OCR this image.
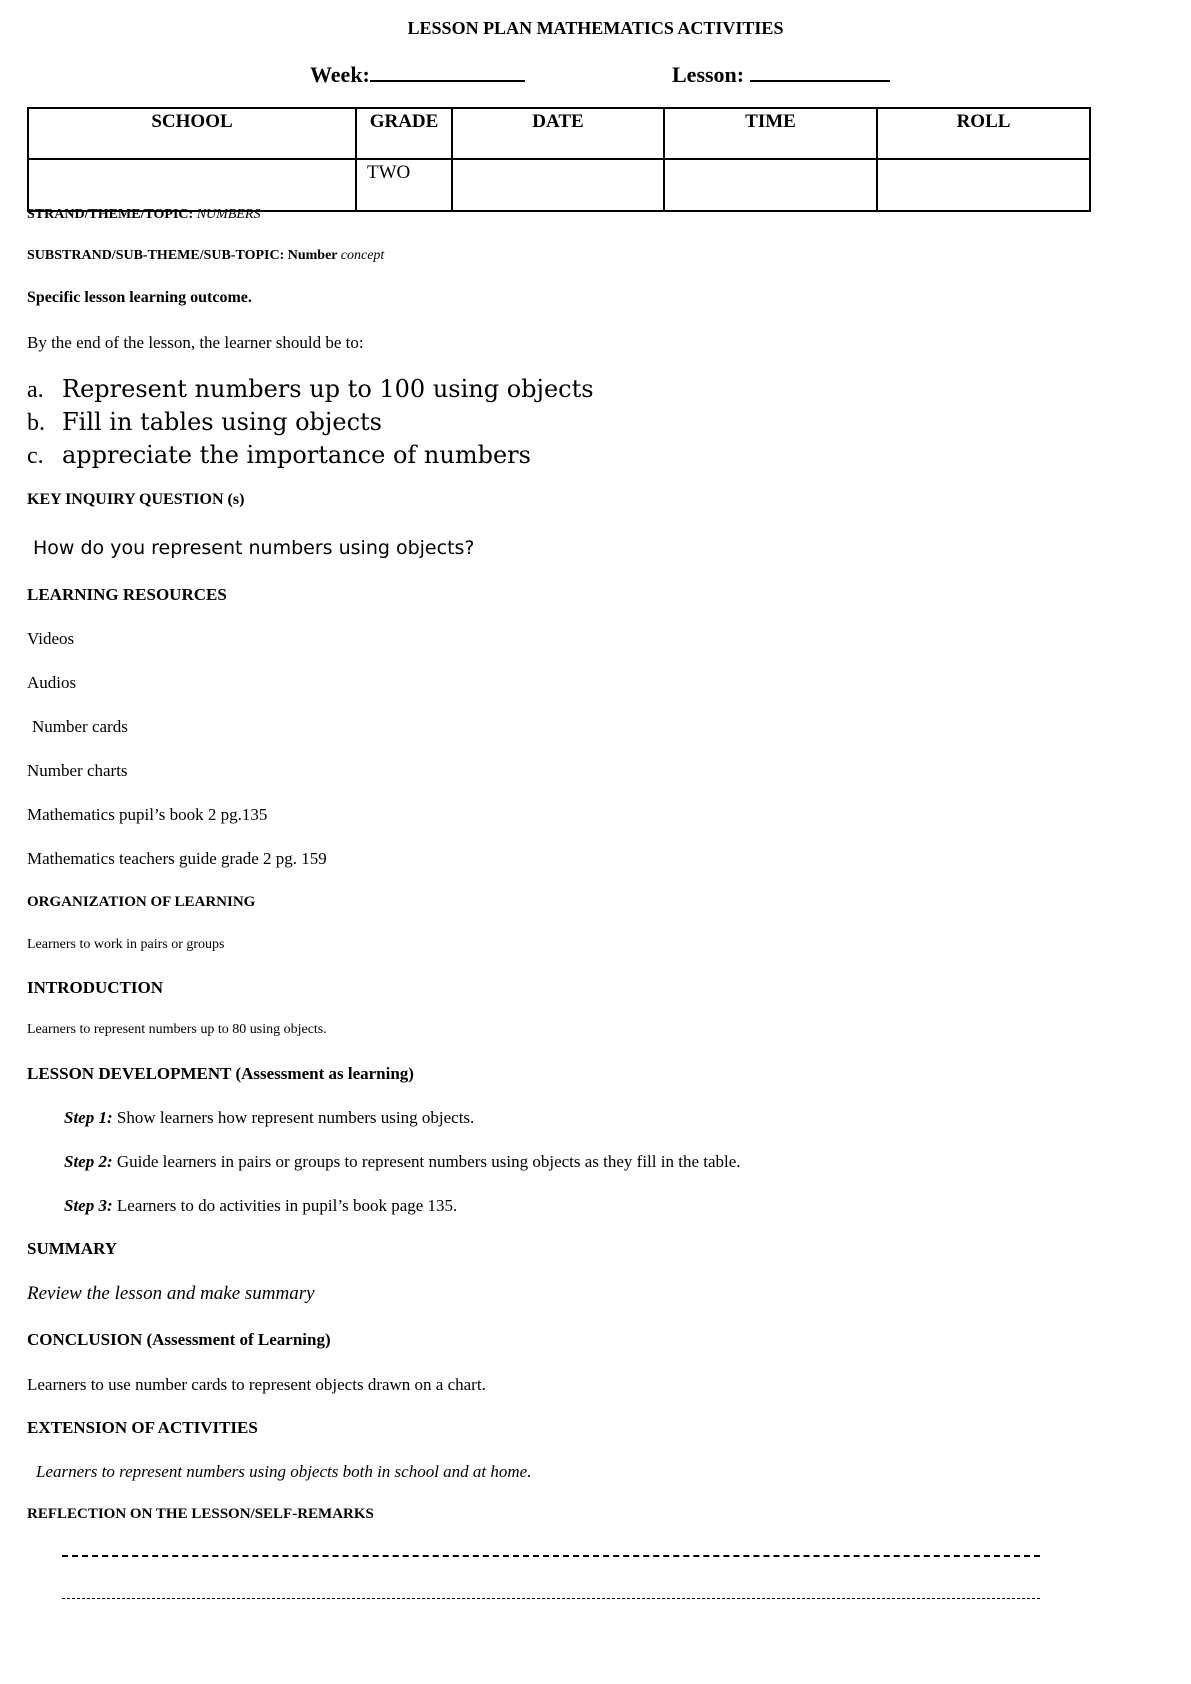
LESSON PLAN MATHEMATICS ACTIVITIES
Week:	Lesson:
SCHOOL	GRADE	DATE	TIME	ROLL
	TWO			
STRAND/THEME/TOPIC: NUMBERS
SUBSTRAND/SUB-THEME/SUB-TOPIC: Number concept
Specific lesson learning outcome.
By the end of the lesson, the learner should be to:
a. Represent numbers up to 100 using objects
b. Fill in tables using objects
c. appreciate the importance of numbers
KEY INQUIRY QUESTION (s)
How do you represent numbers using objects?
LEARNING RESOURCES
Videos
Audios
Number cards
Number charts
Mathematics pupil’s book 2 pg.135
Mathematics teachers guide grade 2 pg. 159
ORGANIZATION OF LEARNING
Learners to work in pairs or groups
INTRODUCTION
Learners to represent numbers up to 80 using objects.
LESSON DEVELOPMENT (Assessment as learning)
Step 1: Show learners how represent numbers using objects.
Step 2: Guide learners in pairs or groups to represent numbers using objects as they fill in the table.
Step 3: Learners to do activities in pupil’s book page 135.
SUMMARY
Review the lesson and make summary
CONCLUSION (Assessment of Learning)
Learners to use number cards to represent objects drawn on a chart.
EXTENSION OF ACTIVITIES
Learners to represent numbers using objects both in school and at home.
REFLECTION ON THE LESSON/SELF-REMARKS
